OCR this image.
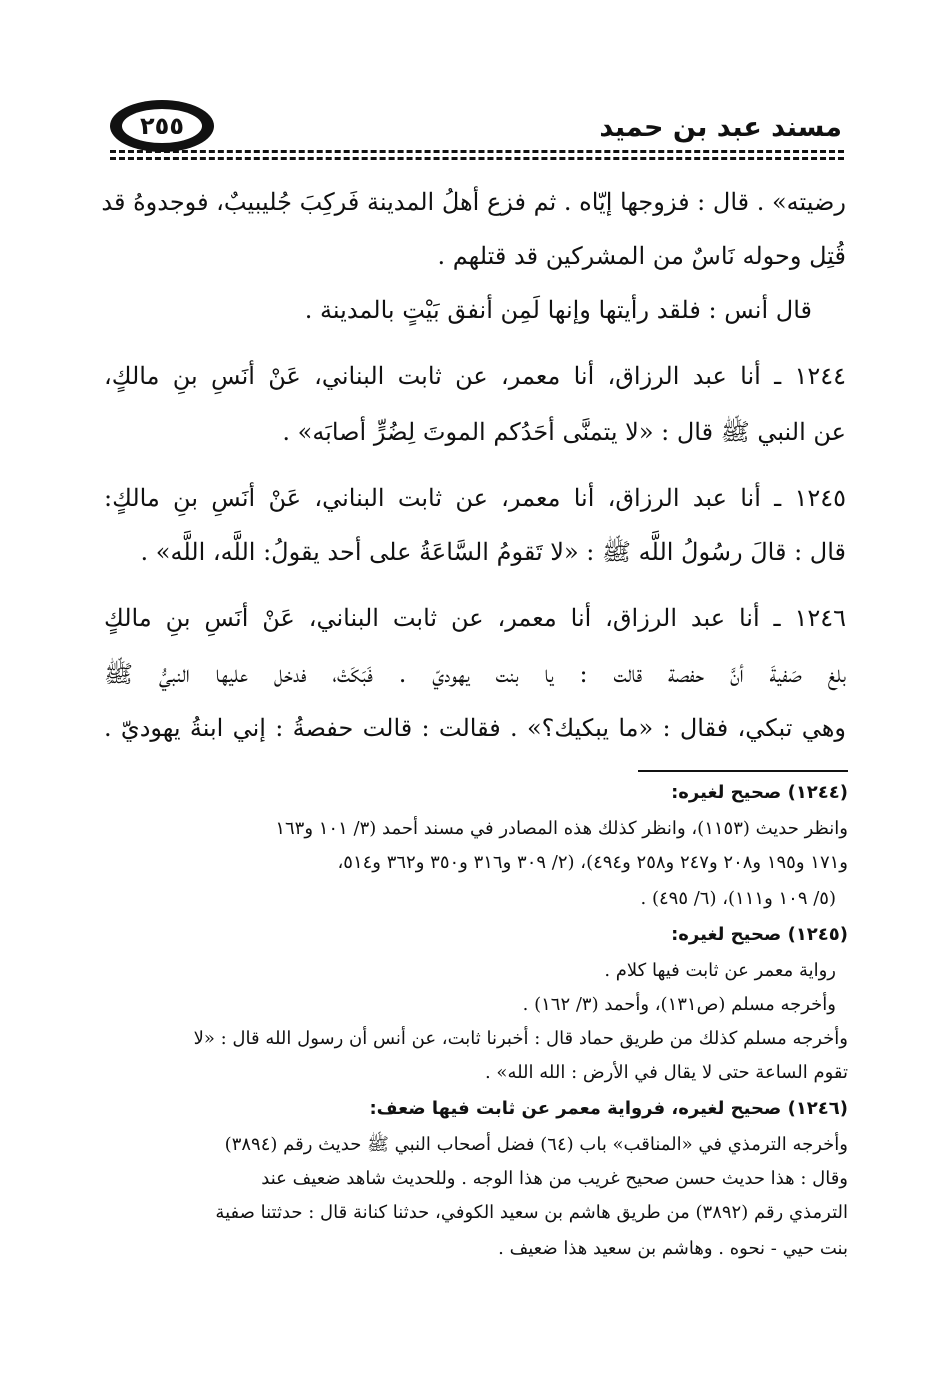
مسند عبد بن حميد
٢٥٥
رضيته» . قال : فزوجها إيّاه . ثم فزع أهلُ المدينة فَركِبَ جُليبيبٌ، فوجدوهُ قد
قُتِل وحوله نَاسٌ من المشركين قد قتلهم .
قال أنس : فلقد رأيتها وإنها لَمِن أنفق بَيْتٍ بالمدينة .
١٢٤٤ ـ أنا عبد الرزاق، أنا معمر، عن ثابت البناني، عَنْ أنَسِ بنِ مالكٍ،
عن النبي ﷺ قال : «لا يتمنَّى أحَدُكم الموتَ لِضُرٍّ أصابَه» .
١٢٤٥ ـ أنا عبد الرزاق، أنا معمر، عن ثابت البناني، عَنْ أنَسِ بنِ مالكٍ:
قال : قالَ رسُولُ اللَّه ﷺ : «لا تَقومُ السَّاعَةُ على أحد يقولُ: اللَّه، اللَّه» .
١٢٤٦ ـ أنا عبد الرزاق، أنا معمر، عن ثابت البناني، عَنْ أنَسِ بنِ مالكٍ
بلغ صَفيةَ أنَّ حفصة قالت : يا بنت يهوديّ . فَبَكَتْ، فدخل عليها النبيُّ ﷺ
وهي تبكي، فقال : «ما يبكيك؟» . فقالت : قالت حفصةُ : إني ابنةُ يهوديّ .
(١٢٤٤) صحيح لغيره:
وانظر حديث (١١٥٣)، وانظر كذلك هذه المصادر في مسند أحمد (٣/ ١٠١ و١٦٣
و١٧١ و١٩٥ و٢٠٨ و٢٤٧ و٢٥٨ و٤٩٤)، (٢/ ٣٠٩ و٣١٦ و٣٥٠ و٣٦٢ و٥١٤،
(٥/ ١٠٩ و١١١)، (٦/ ٤٩٥) .
(١٢٤٥) صحيح لغيره:
رواية معمر عن ثابت فيها كلام .
وأخرجه مسلم (ص١٣١)، وأحمد (٣/ ١٦٢) .
وأخرجه مسلم كذلك من طريق حماد قال : أخبرنا ثابت، عن أنس أن رسول الله قال : «لا
تقوم الساعة حتى لا يقال في الأرض : الله الله» .
(١٢٤٦) صحيح لغيره، فرواية معمر عن ثابت فيها ضعف:
وأخرجه الترمذي في «المناقب» باب (٦٤) فضل أصحاب النبي ﷺ حديث رقم (٣٨٩٤)
وقال : هذا حديث حسن صحيح غريب من هذا الوجه . وللحديث شاهد ضعيف عند
الترمذي رقم (٣٨٩٢) من طريق هاشم بن سعيد الكوفي، حدثنا كنانة قال : حدثتنا صفية
بنت حيي - نحوه . وهاشم بن سعيد هذا ضعيف .
